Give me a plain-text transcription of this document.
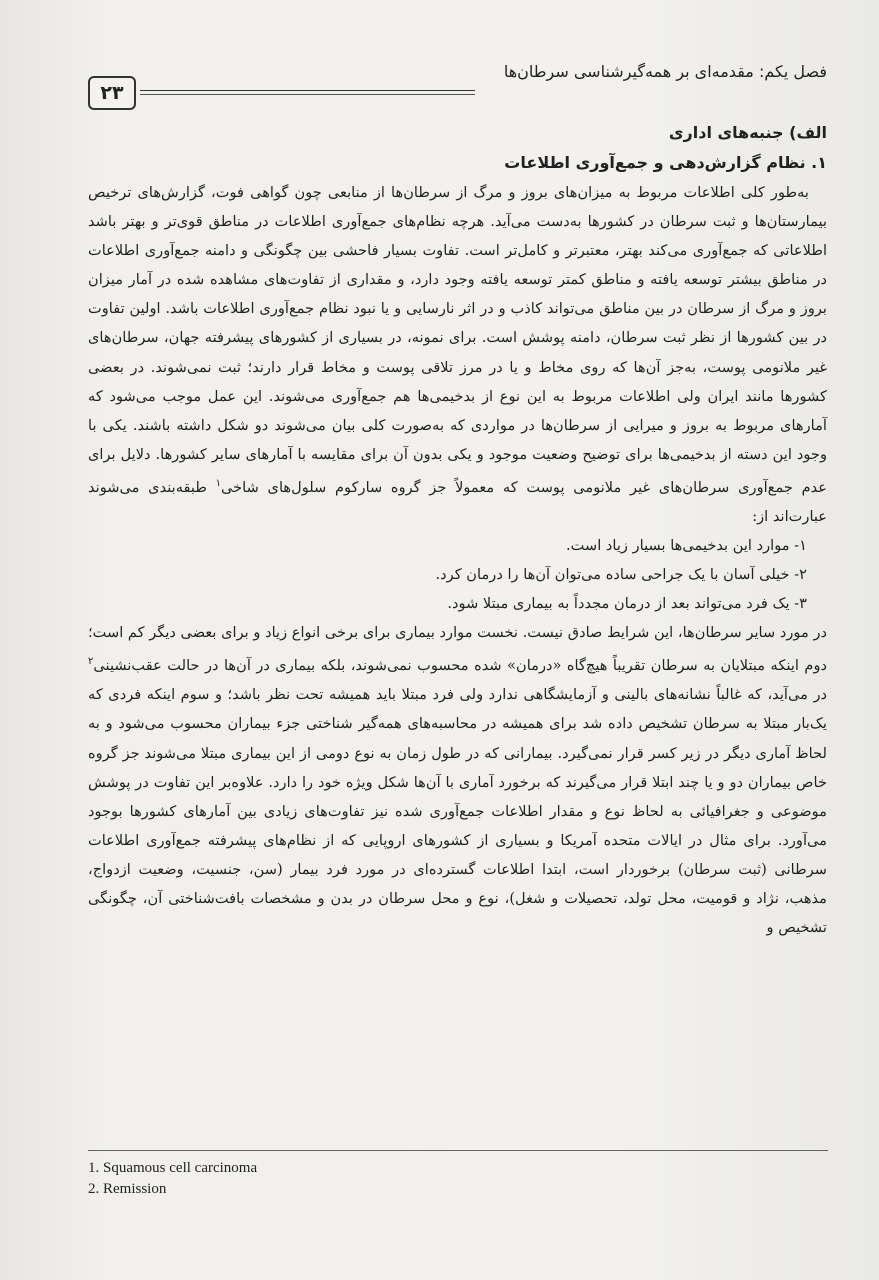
۲۳
فصل یکم: مقدمه‌ای بر همه‌گیرشناسی سرطان‌ها

الف) جنبه‌های اداری

۱. نظام گزارش‌دهی و جمع‌آوری اطلاعات

به‌طور کلی اطلاعات مربوط به میزان‌های بروز و مرگ از سرطان‌ها از منابعی چون گواهی فوت، گزارش‌های ترخیص بیمارستان‌ها و ثبت سرطان در کشورها به‌دست می‌آید. هرچه نظام‌های جمع‌آوری اطلاعات در مناطق قوی‌تر و بهتر باشد اطلاعاتی که جمع‌آوری می‌کند بهتر، معتبرتر و کامل‌تر است. تفاوت بسیار فاحشی بین چگونگی و دامنه جمع‌آوری اطلاعات در مناطق بیشتر توسعه یافته و مناطق کمتر توسعه یافته وجود دارد، و مقداری از تفاوت‌های مشاهده شده در آمار میزان بروز و مرگ از سرطان در بین مناطق می‌تواند کاذب و در اثر نارسایی و یا نبود نظام جمع‌آوری اطلاعات باشد. اولین تفاوت در بین کشورها از نظر ثبت سرطان، دامنه پوشش است. برای نمونه، در بسیاری از کشورهای پیشرفته جهان، سرطان‌های غیر ملانومی پوست، به‌جز آن‌ها که روی مخاط و یا در مرز تلاقی پوست و مخاط قرار دارند؛ ثبت نمی‌شوند. در بعضی کشورها مانند ایران ولی اطلاعات مربوط به این نوع از بدخیمی‌ها هم جمع‌آوری می‌شوند. این عمل موجب می‌شود که آمارهای مربوط به بروز و میرایی از سرطان‌ها در مواردی که به‌صورت کلی بیان می‌شوند دو شکل داشته باشند. یکی با وجود این دسته از بدخیمی‌ها برای توضیح وضعیت موجود و یکی بدون آن برای مقایسه با آمارهای سایر کشورها. دلایل برای عدم جمع‌آوری سرطان‌های غیر ملانومی پوست که معمولاً جز گروه سارکوم سلول‌های شاخی$^۱$ طبقه‌بندی می‌شوند عبارت‌اند از:

۱- موارد این بدخیمی‌ها بسیار زیاد است.
۲- خیلی آسان با یک جراحی ساده می‌توان آن‌ها را درمان کرد.
۳- یک فرد می‌تواند بعد از درمان مجدداً به بیماری مبتلا شود.

در مورد سایر سرطان‌ها، این شرایط صادق نیست. نخست موارد بیماری برای برخی انواع زیاد و برای بعضی دیگر کم است؛ دوم اینکه مبتلایان به سرطان تقریباً هیچ‌گاه «درمان» شده محسوب نمی‌شوند، بلکه بیماری در آن‌ها در حالت عقب‌نشینی$^۲$ در می‌آید، که غالباً نشانه‌های بالینی و آزمایشگاهی ندارد ولی فرد مبتلا باید همیشه تحت نظر باشد؛ و سوم اینکه فردی که یک‌بار مبتلا به سرطان تشخیص داده شد برای همیشه در محاسبه‌های همه‌گیر شناختی جزء بیماران محسوب می‌شود و به لحاظ آماری دیگر در زیر کسر قرار نمی‌گیرد. بیمارانی که در طول زمان به نوع دومی از این بیماری مبتلا می‌شوند جز گروه خاص بیماران دو و یا چند ابتلا قرار می‌گیرند که برخورد آماری با آن‌ها شکل ویژه خود را دارد. علاوه‌بر این تفاوت در پوشش موضوعی و جغرافیائی به لحاظ نوع و مقدار اطلاعات جمع‌آوری شده نیز تفاوت‌های زیادی بین آمارهای کشورها بوجود می‌آورد. برای مثال در ایالات متحده آمریکا و بسیاری از کشورهای اروپایی که از نظام‌های پیشرفته جمع‌آوری اطلاعات سرطانی (ثبت سرطان) برخوردار است، ابتدا اطلاعات گسترده‌ای در مورد فرد بیمار (سن، جنسیت، وضعیت ازدواج، مذهب، نژاد و قومیت، محل تولد، تحصیلات و شغل)، نوع و محل سرطان در بدن و مشخصات بافت‌شناختی آن، چگونگی تشخیص و

1. Squamous cell carcinoma
2. Remission
